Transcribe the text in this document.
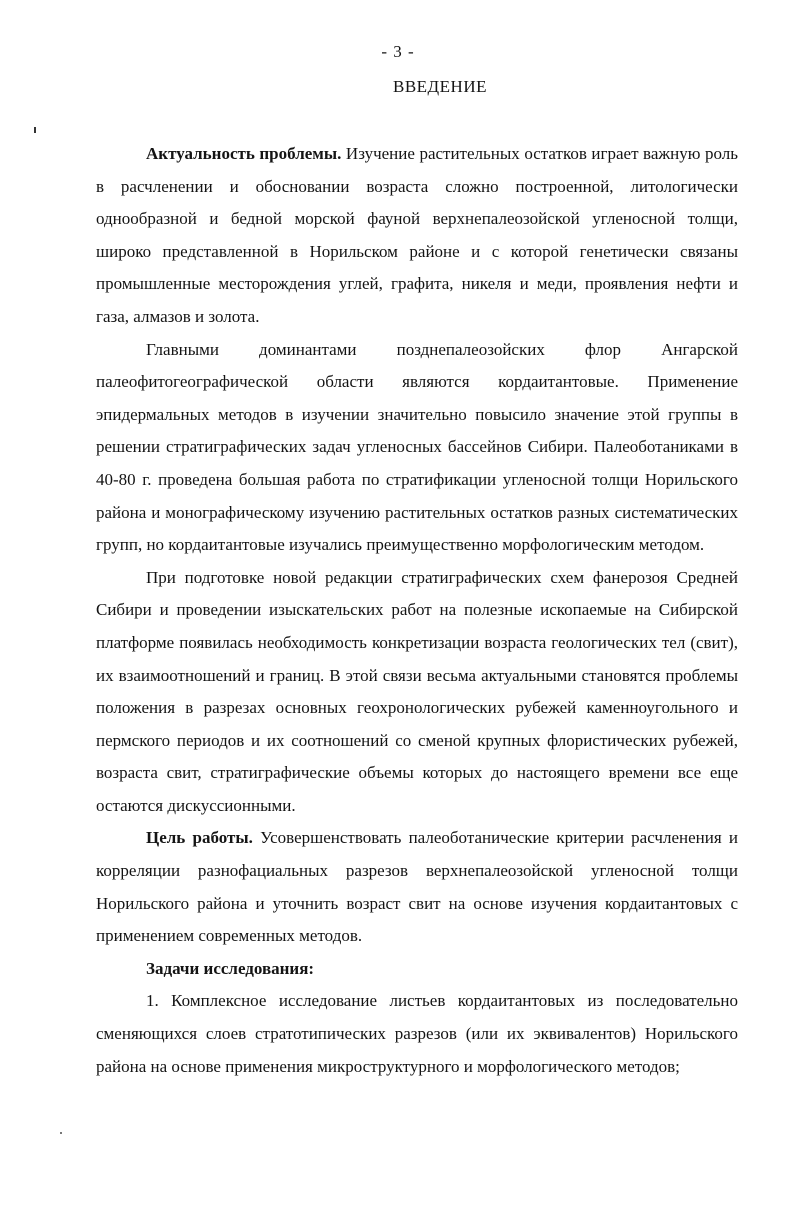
- 3 -
ВВЕДЕНИЕ

Актуальность проблемы. Изучение растительных остатков играет важную роль в расчленении и обосновании возраста сложно построенной, литологически однообразной и бедной морской фауной верхнепалеозойской угленосной толщи, широко представленной в Норильском районе и с которой генетически связаны промышленные месторождения углей, графита, никеля и меди, проявления нефти и газа, алмазов и золота.

Главными доминантами позднепалеозойских флор Ангарской палеофитогеографической области являются кордаитантовые. Применение эпидермальных методов в изучении значительно повысило значение этой группы в решении стратиграфических задач угленосных бассейнов Сибири. Палеоботаниками в 40-80 г. проведена большая работа по стратификации угленосной толщи Норильского района и монографическому изучению растительных остатков разных систематических групп, но кордаитантовые изучались преимущественно морфологическим методом.

При подготовке новой редакции стратиграфических схем фанерозоя Средней Сибири и проведении изыскательских работ на полезные ископаемые на Сибирской платформе появилась необходимость конкретизации возраста геологических тел (свит), их взаимоотношений и границ. В этой связи весьма актуальными становятся проблемы положения в разрезах основных геохронологических рубежей каменноугольного и пермского периодов и их соотношений со сменой крупных флористических рубежей, возраста свит, стратиграфические объемы которых до настоящего времени все еще остаются дискуссионными.

Цель работы. Усовершенствовать палеоботанические критерии расчленения и корреляции разнофациальных разрезов верхнепалеозойской угленосной толщи Норильского района и уточнить возраст свит на основе изучения кордаитантовых с применением современных методов.

Задачи исследования:

1. Комплексное исследование листьев кордаитантовых из последовательно сменяющихся слоев стратотипических разрезов (или их эквивалентов) Норильского района на основе применения микроструктурного и морфологического методов;
